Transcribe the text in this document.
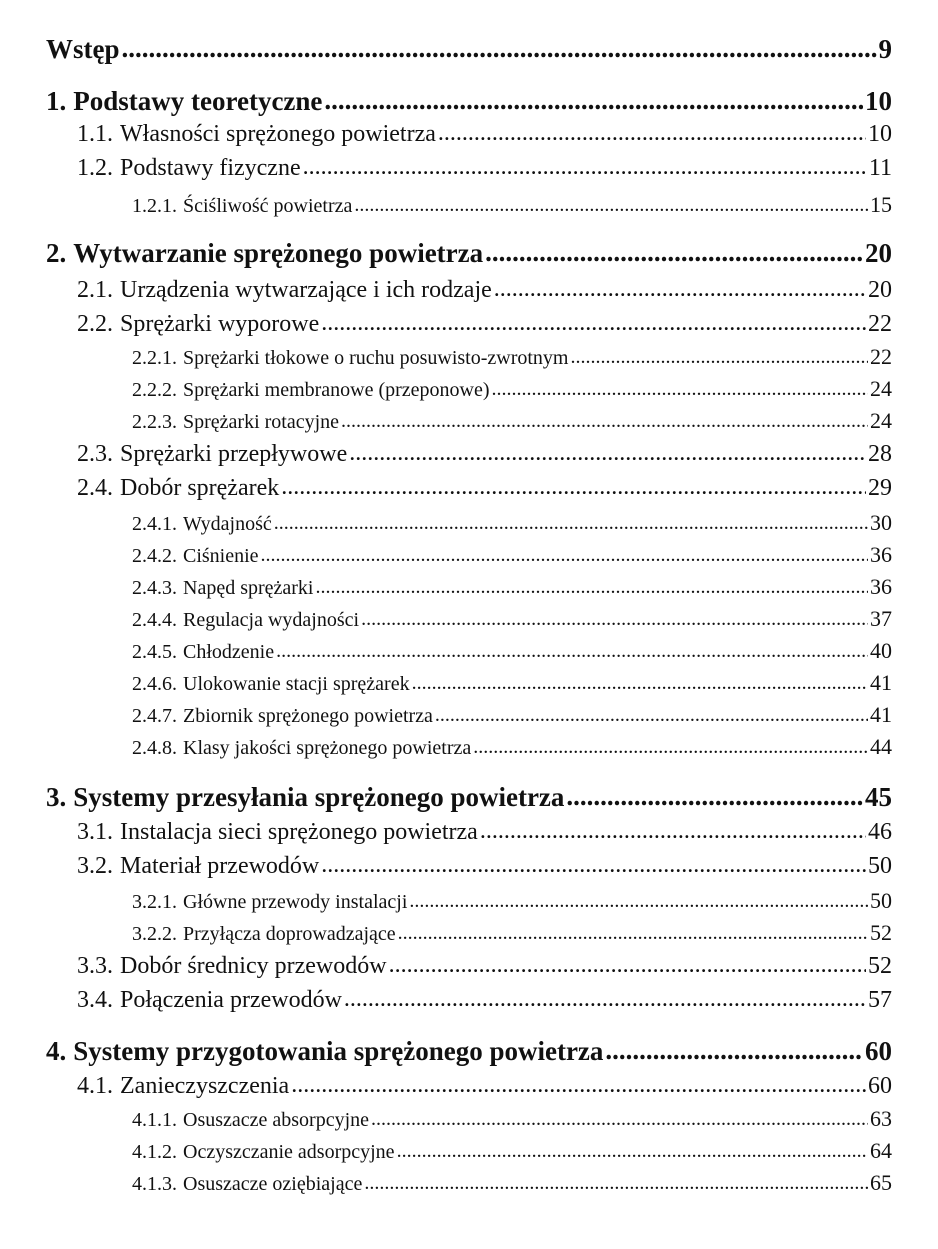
Wstęp .....	9
1. Podstawy teoretyczne .....	10
1.1. Własności sprężonego powietrza .....	10
1.2. Podstawy fizyczne .....	11
1.2.1. Ściśliwość powietrza .....	15
2. Wytwarzanie sprężonego powietrza .....	20
2.1. Urządzenia wytwarzające i ich rodzaje .....	20
2.2. Sprężarki wyporowe .....	22
2.2.1. Sprężarki tłokowe o ruchu posuwisto-zwrotnym .....	22
2.2.2. Sprężarki membranowe (przeponowe) .....	24
2.2.3. Sprężarki rotacyjne .....	24
2.3. Sprężarki przepływowe .....	28
2.4. Dobór sprężarek .....	29
2.4.1. Wydajność .....	30
2.4.2. Ciśnienie .....	36
2.4.3. Napęd sprężarki .....	36
2.4.4. Regulacja wydajności .....	37
2.4.5. Chłodzenie .....	40
2.4.6. Ulokowanie stacji sprężarek .....	41
2.4.7. Zbiornik sprężonego powietrza .....	41
2.4.8. Klasy jakości sprężonego powietrza .....	44
3. Systemy przesyłania sprężonego powietrza .....	45
3.1. Instalacja sieci sprężonego powietrza .....	46
3.2. Materiał przewodów .....	50
3.2.1. Główne przewody instalacji .....	50
3.2.2. Przyłącza doprowadzające .....	52
3.3. Dobór średnicy przewodów .....	52
3.4. Połączenia przewodów .....	57
4. Systemy przygotowania sprężonego powietrza .....	60
4.1. Zanieczyszczenia .....	60
4.1.1. Osuszacze absorpcyjne .....	63
4.1.2. Oczyszczanie adsorpcyjne .....	64
4.1.3. Osuszacze oziębiające .....	65
